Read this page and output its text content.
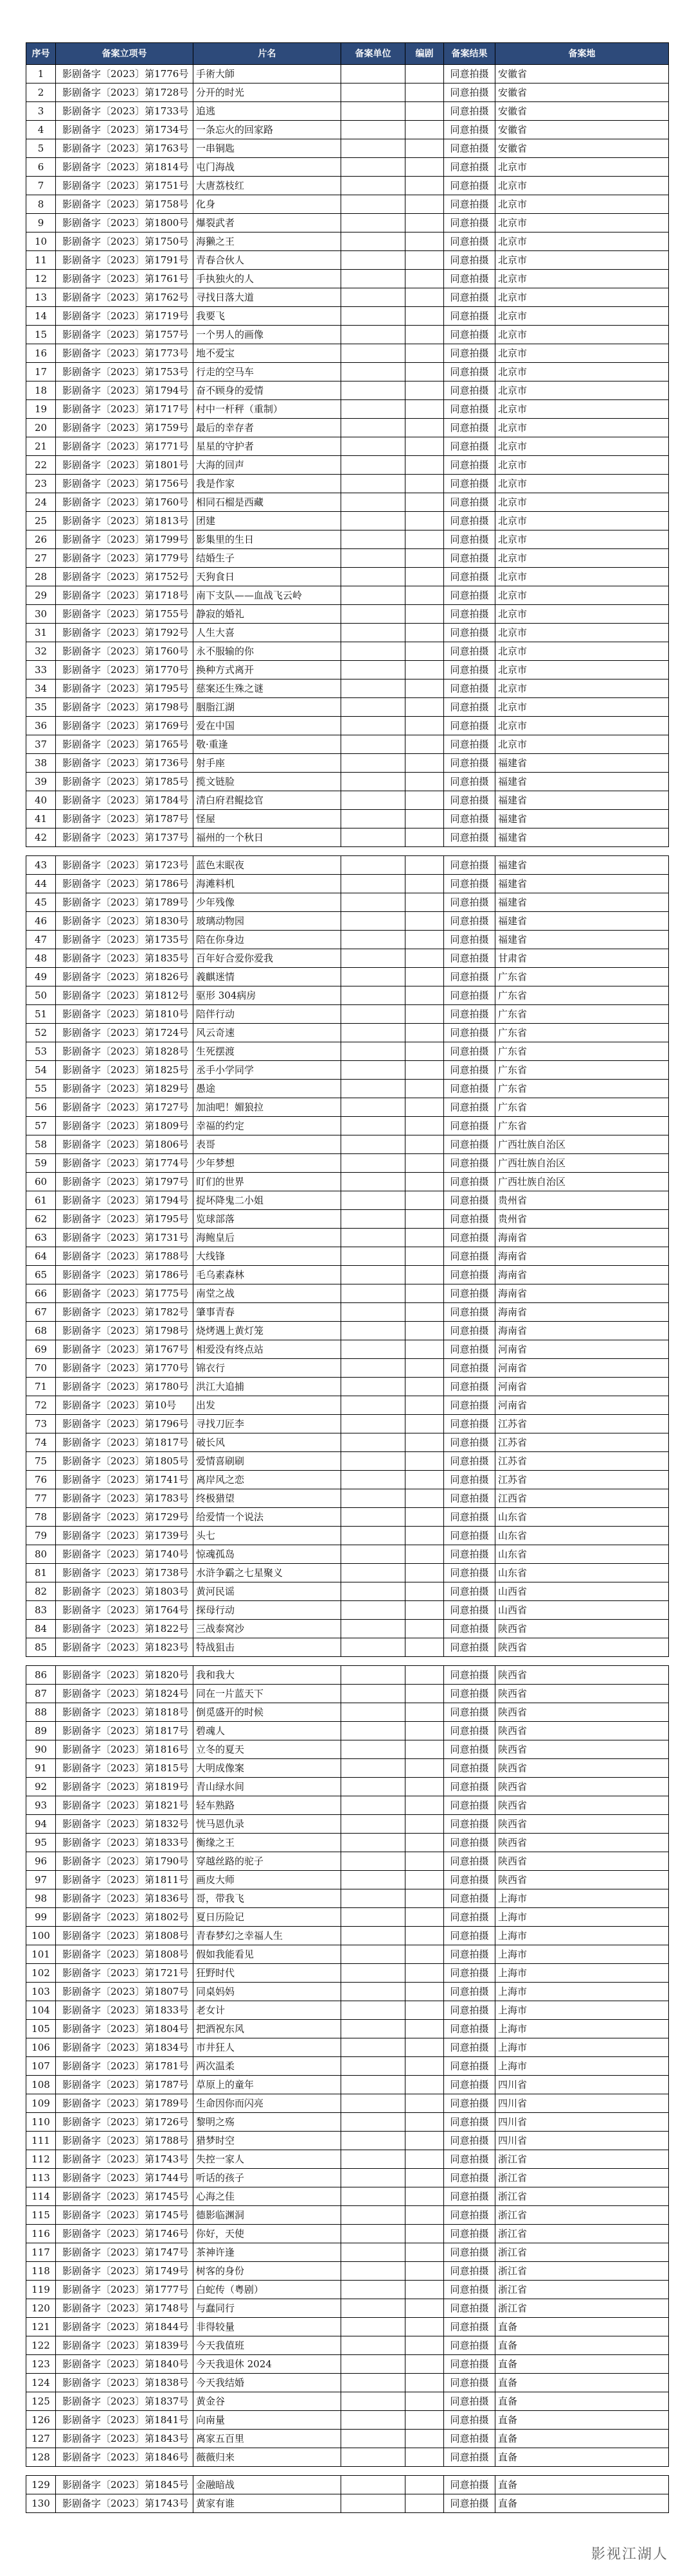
序号	备案立项号	片名	备案单位	编剧	备案结果	备案地
1	影剧备字〔2023〕第1776号	手術大師			同意拍摄	安徽省
2	影剧备字〔2023〕第1728号	分开的时光			同意拍摄	安徽省
3	影剧备字〔2023〕第1733号	追逃			同意拍摄	安徽省
4	影剧备字〔2023〕第1734号	一条忘火的回家路			同意拍摄	安徽省
5	影剧备字〔2023〕第1763号	一串铜匙			同意拍摄	安徽省
6	影剧备字〔2023〕第1814号	屯门海战			同意拍摄	北京市
7	影剧备字〔2023〕第1751号	大唐荔枝红			同意拍摄	北京市
8	影剧备字〔2023〕第1758号	化身			同意拍摄	北京市
9	影剧备字〔2023〕第1800号	爆裂武者			同意拍摄	北京市
10	影剧备字〔2023〕第1750号	海獭之王			同意拍摄	北京市
11	影剧备字〔2023〕第1791号	青春合伙人			同意拍摄	北京市
12	影剧备字〔2023〕第1761号	手执独火的人			同意拍摄	北京市
13	影剧备字〔2023〕第1762号	寻找日落大道			同意拍摄	北京市
14	影剧备字〔2023〕第1719号	我要飞			同意拍摄	北京市
15	影剧备字〔2023〕第1757号	一个男人的画像			同意拍摄	北京市
16	影剧备字〔2023〕第1773号	地不爱宝			同意拍摄	北京市
17	影剧备字〔2023〕第1753号	行走的空马车			同意拍摄	北京市
18	影剧备字〔2023〕第1794号	奋不顾身的爱情			同意拍摄	北京市
19	影剧备字〔2023〕第1717号	村中一杆秤（重制）			同意拍摄	北京市
20	影剧备字〔2023〕第1759号	最后的幸存者			同意拍摄	北京市
21	影剧备字〔2023〕第1771号	星星的守护者			同意拍摄	北京市
22	影剧备字〔2023〕第1801号	大海的回声			同意拍摄	北京市
23	影剧备字〔2023〕第1756号	我是作家			同意拍摄	北京市
24	影剧备字〔2023〕第1760号	相同石榴是西藏			同意拍摄	北京市
25	影剧备字〔2023〕第1813号	团建			同意拍摄	北京市
26	影剧备字〔2023〕第1799号	影集里的生日			同意拍摄	北京市
27	影剧备字〔2023〕第1779号	结婚生子			同意拍摄	北京市
28	影剧备字〔2023〕第1752号	天狗食日			同意拍摄	北京市
29	影剧备字〔2023〕第1718号	南下支队——血战飞云岭			同意拍摄	北京市
30	影剧备字〔2023〕第1755号	静寂的婚礼			同意拍摄	北京市
31	影剧备字〔2023〕第1792号	人生大喜			同意拍摄	北京市
32	影剧备字〔2023〕第1760号	永不服输的你			同意拍摄	北京市
33	影剧备字〔2023〕第1770号	换种方式离开			同意拍摄	北京市
34	影剧备字〔2023〕第1795号	慈案还生殊之谜			同意拍摄	北京市
35	影剧备字〔2023〕第1798号	胭脂江湖			同意拍摄	北京市
36	影剧备字〔2023〕第1769号	爱在中国			同意拍摄	北京市
37	影剧备字〔2023〕第1765号	敬·重逢			同意拍摄	北京市
38	影剧备字〔2023〕第1736号	射手座			同意拍摄	福建省
39	影剧备字〔2023〕第1785号	揽文链脸			同意拍摄	福建省
40	影剧备字〔2023〕第1784号	清白府君鲲捻官			同意拍摄	福建省
41	影剧备字〔2023〕第1787号	怪屋			同意拍摄	福建省
42	影剧备字〔2023〕第1737号	福州的一个秋日			同意拍摄	福建省

43	影剧备字〔2023〕第1723号	蓝色末眠夜			同意拍摄	福建省
44	影剧备字〔2023〕第1786号	海滩料机			同意拍摄	福建省
45	影剧备字〔2023〕第1789号	少年残像			同意拍摄	福建省
46	影剧备字〔2023〕第1830号	玻璃动物园			同意拍摄	福建省
47	影剧备字〔2023〕第1735号	陪在你身边			同意拍摄	福建省
48	影剧备字〔2023〕第1835号	百年好合爱你爱我			同意拍摄	甘肃省
49	影剧备字〔2023〕第1826号	義麒迷情			同意拍摄	广东省
50	影剧备字〔2023〕第1812号	驱形 304病房			同意拍摄	广东省
51	影剧备字〔2023〕第1810号	陪伴行动			同意拍摄	广东省
52	影剧备字〔2023〕第1724号	风云奇速			同意拍摄	广东省
53	影剧备字〔2023〕第1828号	生死摆渡			同意拍摄	广东省
54	影剧备字〔2023〕第1825号	丞手小学同学			同意拍摄	广东省
55	影剧备字〔2023〕第1829号	愚途			同意拍摄	广东省
56	影剧备字〔2023〕第1727号	加油吧！媚狼拉			同意拍摄	广东省
57	影剧备字〔2023〕第1809号	幸福的约定			同意拍摄	广东省
58	影剧备字〔2023〕第1806号	表哥			同意拍摄	广西壮族自治区
59	影剧备字〔2023〕第1774号	少年梦想			同意拍摄	广西壮族自治区
60	影剧备字〔2023〕第1797号	盯们的世界			同意拍摄	广西壮族自治区
61	影剧备字〔2023〕第1794号	捉坏降鬼二小姐			同意拍摄	贵州省
62	影剧备字〔2023〕第1795号	览球部落			同意拍摄	贵州省
63	影剧备字〔2023〕第1731号	海鲍皇后			同意拍摄	海南省
64	影剧备字〔2023〕第1788号	大线锋			同意拍摄	海南省
65	影剧备字〔2023〕第1786号	毛乌素森林			同意拍摄	海南省
66	影剧备字〔2023〕第1775号	南堂之战			同意拍摄	海南省
67	影剧备字〔2023〕第1782号	肇事青春			同意拍摄	海南省
68	影剧备字〔2023〕第1798号	烧烤遇上黄灯笼			同意拍摄	海南省
69	影剧备字〔2023〕第1767号	相爱没有终点站			同意拍摄	河南省
70	影剧备字〔2023〕第1770号	锦衣行			同意拍摄	河南省
71	影剧备字〔2023〕第1780号	洪江大追捕			同意拍摄	河南省
72	影剧备字〔2023〕第10号	出发			同意拍摄	河南省
73	影剧备字〔2023〕第1796号	寻找刀匠李			同意拍摄	江苏省
74	影剧备字〔2023〕第1817号	破长风			同意拍摄	江苏省
75	影剧备字〔2023〕第1805号	爱情喜刷刷			同意拍摄	江苏省
76	影剧备字〔2023〕第1741号	离岸风之恋			同意拍摄	江苏省
77	影剧备字〔2023〕第1783号	终极猎望			同意拍摄	江西省
78	影剧备字〔2023〕第1729号	给爱情一个说法			同意拍摄	山东省
79	影剧备字〔2023〕第1739号	头七			同意拍摄	山东省
80	影剧备字〔2023〕第1740号	惊魂孤岛			同意拍摄	山东省
81	影剧备字〔2023〕第1738号	水浒争霸之七星聚义			同意拍摄	山东省
82	影剧备字〔2023〕第1803号	黄河民谣			同意拍摄	山西省
83	影剧备字〔2023〕第1764号	探母行动			同意拍摄	山西省
84	影剧备字〔2023〕第1822号	三战泰窝沙			同意拍摄	陕西省
85	影剧备字〔2023〕第1823号	特战狙击			同意拍摄	陕西省

86	影剧备字〔2023〕第1820号	我和我大			同意拍摄	陕西省
87	影剧备字〔2023〕第1824号	同在一片蓝天下			同意拍摄	陕西省
88	影剧备字〔2023〕第1818号	倒觅盛开的时候			同意拍摄	陕西省
89	影剧备字〔2023〕第1817号	碧魂人			同意拍摄	陕西省
90	影剧备字〔2023〕第1816号	立冬的夏天			同意拍摄	陕西省
91	影剧备字〔2023〕第1815号	大明成像案			同意拍摄	陕西省
92	影剧备字〔2023〕第1819号	青山绿水间			同意拍摄	陕西省
93	影剧备字〔2023〕第1821号	轻车熟路			同意拍摄	陕西省
94	影剧备字〔2023〕第1832号	恍马恩仇录			同意拍摄	陕西省
95	影剧备字〔2023〕第1833号	衡缘之王			同意拍摄	陕西省
96	影剧备字〔2023〕第1790号	穿越丝路的驼子			同意拍摄	陕西省
97	影剧备字〔2023〕第1811号	画皮大师			同意拍摄	陕西省
98	影剧备字〔2023〕第1836号	哥，带我飞			同意拍摄	上海市
99	影剧备字〔2023〕第1802号	夏日历险记			同意拍摄	上海市
100	影剧备字〔2023〕第1808号	青春梦幻之幸福人生			同意拍摄	上海市
101	影剧备字〔2023〕第1808号	假如我能看见			同意拍摄	上海市
102	影剧备字〔2023〕第1721号	狂野时代			同意拍摄	上海市
103	影剧备字〔2023〕第1807号	同桌妈妈			同意拍摄	上海市
104	影剧备字〔2023〕第1833号	老女计			同意拍摄	上海市
105	影剧备字〔2023〕第1804号	把酒祝东风			同意拍摄	上海市
106	影剧备字〔2023〕第1834号	市井狂人			同意拍摄	上海市
107	影剧备字〔2023〕第1781号	两次温柔			同意拍摄	上海市
108	影剧备字〔2023〕第1787号	草原上的童年			同意拍摄	四川省
109	影剧备字〔2023〕第1789号	生命因你而闪亮			同意拍摄	四川省
110	影剧备字〔2023〕第1726号	黎明之殇			同意拍摄	四川省
111	影剧备字〔2023〕第1788号	猎梦时空			同意拍摄	四川省
112	影剧备字〔2023〕第1743号	失控一家人			同意拍摄	浙江省
113	影剧备字〔2023〕第1744号	听话的孩子			同意拍摄	浙江省
114	影剧备字〔2023〕第1745号	心海之佳			同意拍摄	浙江省
115	影剧备字〔2023〕第1745号	德影临渊洞			同意拍摄	浙江省
116	影剧备字〔2023〕第1746号	你好，天使			同意拍摄	浙江省
117	影剧备字〔2023〕第1747号	茶神许逢			同意拍摄	浙江省
118	影剧备字〔2023〕第1749号	树客的身份			同意拍摄	浙江省
119	影剧备字〔2023〕第1777号	白蛇传（粤剧）			同意拍摄	浙江省
120	影剧备字〔2023〕第1748号	与蠢同行			同意拍摄	浙江省
121	影剧备字〔2023〕第1844号	非得较量			同意拍摄	直备
122	影剧备字〔2023〕第1839号	今天我值班			同意拍摄	直备
123	影剧备字〔2023〕第1840号	今天我退休 2024			同意拍摄	直备
124	影剧备字〔2023〕第1838号	今天我结婚			同意拍摄	直备
125	影剧备字〔2023〕第1837号	黄金谷			同意拍摄	直备
126	影剧备字〔2023〕第1841号	向南量			同意拍摄	直备
127	影剧备字〔2023〕第1843号	离家五百里			同意拍摄	直备
128	影剧备字〔2023〕第1846号	薇薇归来			同意拍摄	直备

129	影剧备字〔2023〕第1845号	金融暗战			同意拍摄	直备
130	影剧备字〔2023〕第1743号	黄家有谁			同意拍摄	直备
影视江湖人
